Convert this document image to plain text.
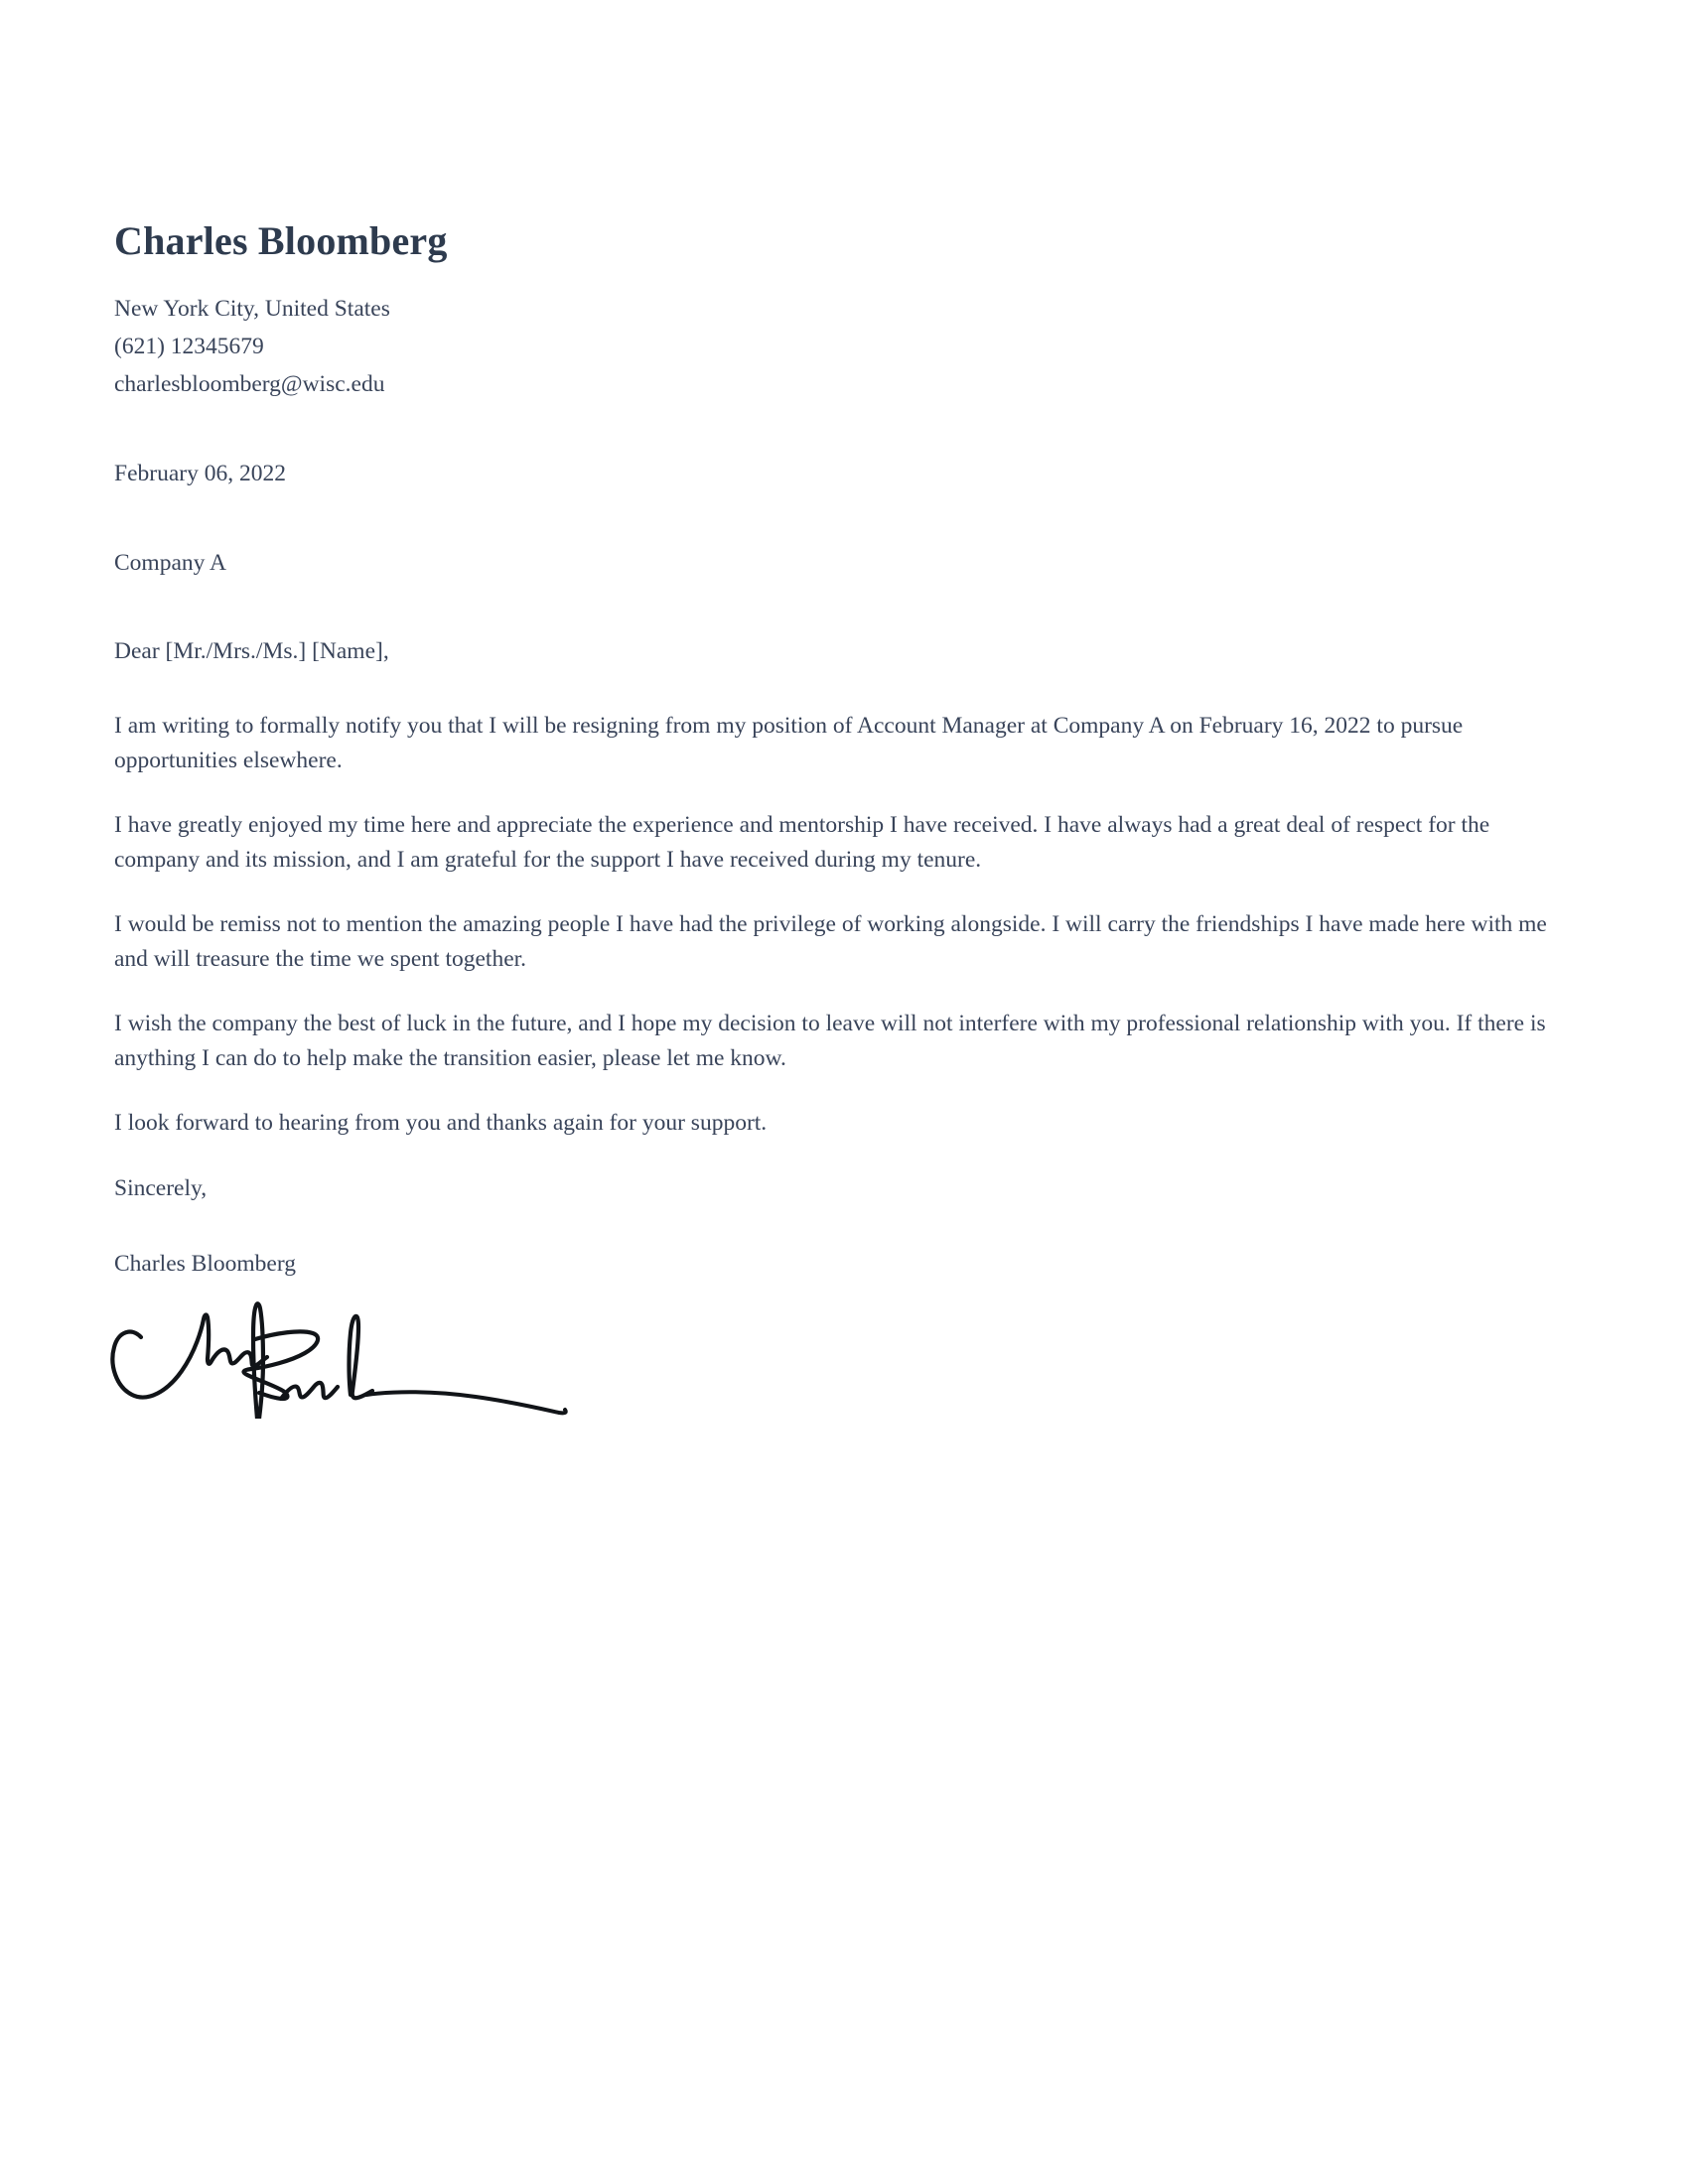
Charles Bloomberg

New York City, United States

(621) 12345679

charlesbloomberg@wisc.edu

February 06, 2022

Company A

Dear [Mr./Mrs./Ms.] [Name],

I am writing to formally notify you that I will be resigning from my position of Account Manager at Company A on February 16, 2022 to pursue opportunities elsewhere.

I have greatly enjoyed my time here and appreciate the experience and mentorship I have received. I have always had a great deal of respect for the company and its mission, and I am grateful for the support I have received during my tenure.

I would be remiss not to mention the amazing people I have had the privilege of working alongside. I will carry the friendships I have made here with me and will treasure the time we spent together.

I wish the company the best of luck in the future, and I hope my decision to leave will not interfere with my professional relationship with you. If there is anything I can do to help make the transition easier, please let me know.

I look forward to hearing from you and thanks again for your support.

Sincerely,

Charles Bloomberg
